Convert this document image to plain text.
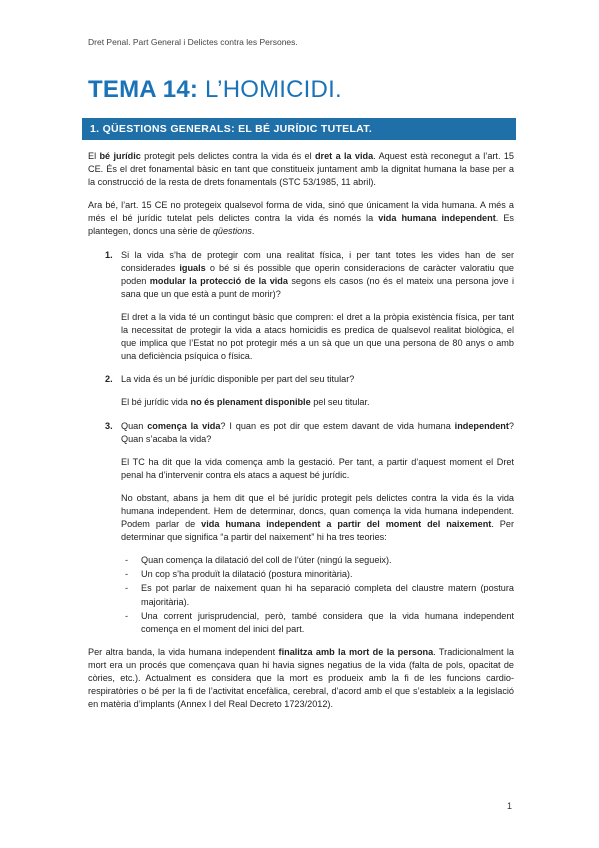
Dret Penal. Part General i Delictes contra les Persones.
TEMA 14: L’HOMICIDI.
1. QÜESTIONS GENERALS: EL BÉ JURÍDIC TUTELAT.

El bé jurídic protegit pels delictes contra la vida és el dret a la vida. Aquest està reconegut a l’art. 15 CE. És el dret fonamental bàsic en tant que constitueix juntament amb la dignitat humana la base per a la construcció de la resta de drets fonamentals (STC 53/1985, 11 abril).

Ara bé, l’art. 15 CE no protegeix qualsevol forma de vida, sinó que únicament la vida humana. A més a més el bé jurídic tutelat pels delictes contra la vida és només la vida humana independent. Es plantegen, doncs una sèrie de qüestions.

1. Si la vida s’ha de protegir com una realitat física, i per tant totes les vides han de ser considerades iguals o bé si és possible que operin consideracions de caràcter valoratiu que poden modular la protecció de la vida segons els casos (no és el mateix una persona jove i sana que un que està a punt de morir)?

El dret a la vida té un contingut bàsic que compren: el dret a la pròpia existència física, per tant la necessitat de protegir la vida a atacs homicidis es predica de qualsevol realitat biològica, el que implica que l’Estat no pot protegir més a un sà que un que una persona de 80 anys o amb una deficiència psíquica o física.

2. La vida és un bé jurídic disponible per part del seu titular?

El bé jurídic vida no és plenament disponible pel seu titular.

3. Quan comença la vida? I quan es pot dir que estem davant de vida humana independent? Quan s’acaba la vida?

El TC ha dit que la vida comença amb la gestació. Per tant, a partir d’aquest moment el Dret penal ha d’intervenir contra els atacs a aquest bé jurídic.

No obstant, abans ja hem dit que el bé jurídic protegit pels delictes contra la vida és la vida humana independent. Hem de determinar, doncs, quan comença la vida humana independent. Podem parlar de vida humana independent a partir del moment del naixement. Per determinar que significa “a partir del naixement” hi ha tres teories:

- Quan comença la dilatació del coll de l’úter (ningú la segueix).
- Un cop s’ha produït la dilatació (postura minoritària).
- Es pot parlar de naixement quan hi ha separació completa del claustre matern (postura majoritària).
- Una corrent jurisprudencial, però, també considera que la vida humana independent comença en el moment del inici del part.

Per altra banda, la vida humana independent finalitza amb la mort de la persona. Tradicionalment la mort era un procés que començava quan hi havia signes negatius de la vida (falta de pols, opacitat de còries, etc.). Actualment es considera que la mort es produeix amb la fi de les funcions cardio-respiratòries o bé per la fi de l’activitat encefàlica, cerebral, d’acord amb el que s’estableix a la legislació en matèria d’implants (Annex I del Real Decreto 1723/2012).

1
